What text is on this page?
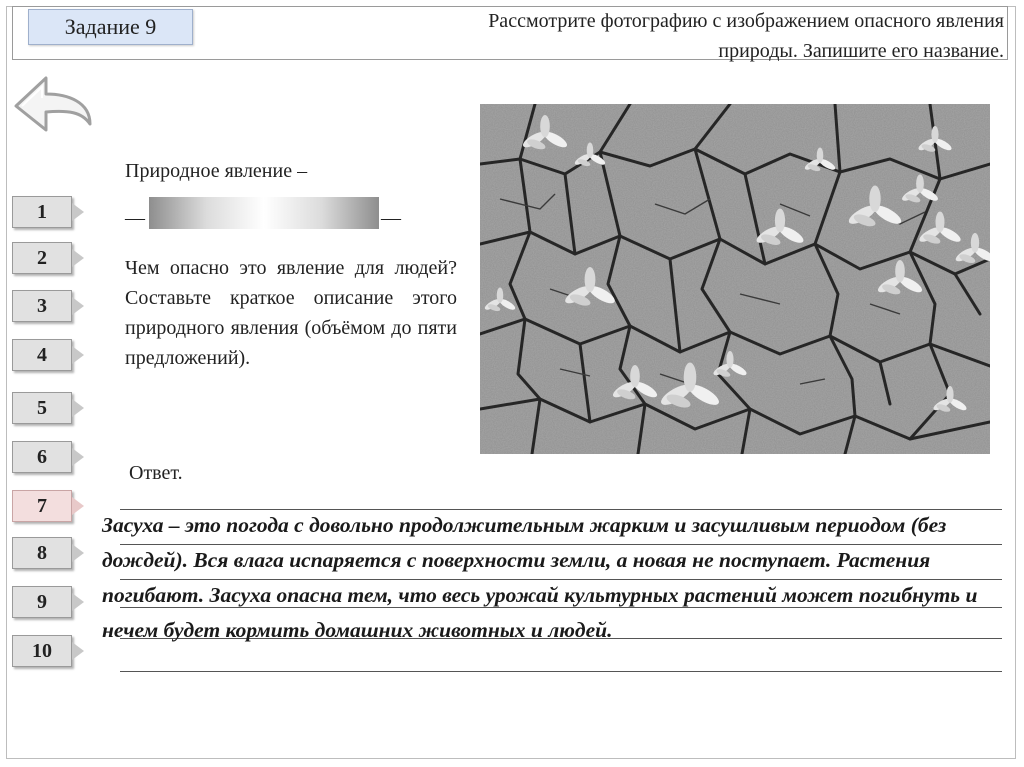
Задание 9	Рассмотрите фотографию с изображением опасного явления природы. Запишите его название.
1
2
3
4
5
6
7
8
9
10
Природное явление –
—	—
Чем опасно это явление для людей? Составьте краткое описание этого природного явления (объёмом до пяти предложений).
Ответ.

Засуха – это погода с довольно продолжительным жарким и засушливым периодом (без дождей). Вся влага испаряется с поверхности земли, а новая не поступает. Растения погибают. Засуха опасна тем, что весь урожай культурных растений может погибнуть и нечем будет кормить домашних животных и людей.
